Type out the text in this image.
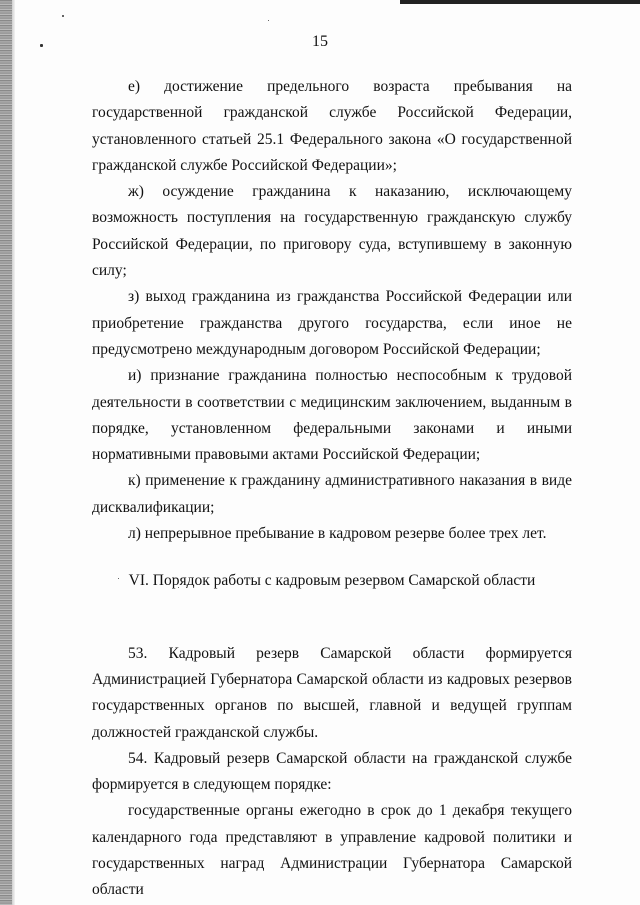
15

е) достижение предельного возраста пребывания на государственной гражданской службе Российской Федерации, установленного статьей 25.1 Федерального закона «О государственной гражданской службе Российской Федерации»;

ж) осуждение гражданина к наказанию, исключающему возможность поступления на государственную гражданскую службу Российской Федерации, по приговору суда, вступившему в законную силу;

з) выход гражданина из гражданства Российской Федерации или приобретение гражданства другого государства, если иное не предусмотрено международным договором Российской Федерации;

и) признание гражданина полностью неспособным к трудовой деятельности в соответствии с медицинским заключением, выданным в порядке, установленном федеральными законами и иными нормативными правовыми актами Российской Федерации;

к) применение к гражданину административного наказания в виде дисквалификации;

л) непрерывное пребывание в кадровом резерве более трех лет.

VI. Порядок работы с кадровым резервом Самарской области

53. Кадровый резерв Самарской области формируется Администрацией Губернатора Самарской области из кадровых резервов государственных органов по высшей, главной и ведущей группам должностей гражданской службы.

54. Кадровый резерв Самарской области на гражданской службе формируется в следующем порядке:

государственные органы ежегодно в срок до 1 декабря текущего календарного года представляют в управление кадровой политики и государственных наград Администрации Губернатора Самарской области
